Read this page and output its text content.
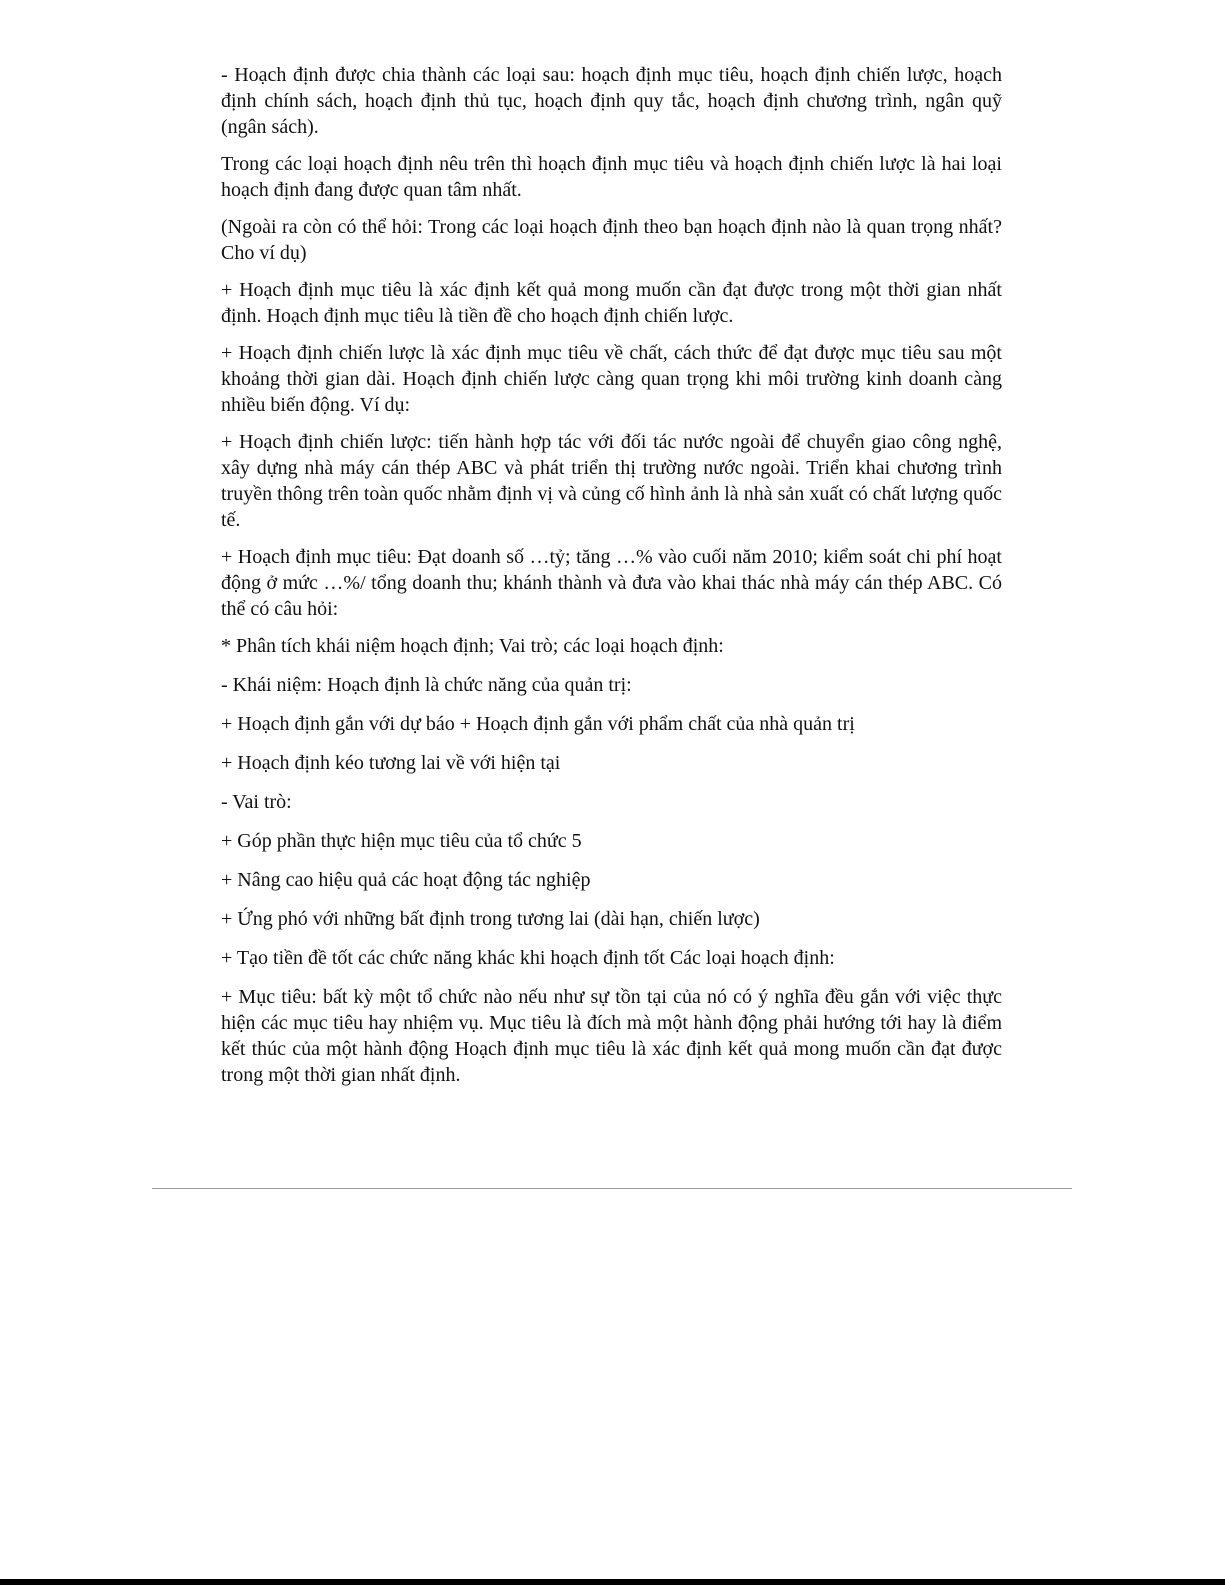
- Hoạch định được chia thành các loại sau: hoạch định mục tiêu, hoạch định chiến lược, hoạch định chính sách, hoạch định thủ tục, hoạch định quy tắc, hoạch định chương trình, ngân quỹ (ngân sách).

Trong các loại hoạch định nêu trên thì hoạch định mục tiêu và hoạch định chiến lược là hai loại hoạch định đang được quan tâm nhất.

(Ngoài ra còn có thể hỏi: Trong các loại hoạch định theo bạn hoạch định nào là quan trọng nhất? Cho ví dụ)

+ Hoạch định mục tiêu là xác định kết quả mong muốn cần đạt được trong một thời gian nhất định. Hoạch định mục tiêu là tiền đề cho hoạch định chiến lược.

+ Hoạch định chiến lược là xác định mục tiêu về chất, cách thức để đạt được mục tiêu sau một khoảng thời gian dài. Hoạch định chiến lược càng quan trọng khi môi trường kinh doanh càng nhiều biến động. Ví dụ:

+ Hoạch định chiến lược: tiến hành hợp tác với đối tác nước ngoài để chuyển giao công nghệ, xây dựng nhà máy cán thép ABC và phát triển thị trường nước ngoài. Triển khai chương trình truyền thông trên toàn quốc nhằm định vị và củng cố hình ảnh là nhà sản xuất có chất lượng quốc tế.

+ Hoạch định mục tiêu: Đạt doanh số …tỷ; tăng …% vào cuối năm 2010; kiểm soát chi phí hoạt động ở mức …%/ tổng doanh thu; khánh thành và đưa vào khai thác nhà máy cán thép ABC. Có thể có câu hỏi:

* Phân tích khái niệm hoạch định; Vai trò; các loại hoạch định:

- Khái niệm: Hoạch định là chức năng của quản trị:

+ Hoạch định gắn với dự báo + Hoạch định gắn với phẩm chất của nhà quản trị

+ Hoạch định kéo tương lai về với hiện tại

- Vai trò:

+ Góp phần thực hiện mục tiêu của tổ chức 5

+ Nâng cao hiệu quả các hoạt động tác nghiệp

+ Ứng phó với những bất định trong tương lai (dài hạn, chiến lược)

+ Tạo tiền đề tốt các chức năng khác khi hoạch định tốt Các loại hoạch định:

+ Mục tiêu: bất kỳ một tổ chức nào nếu như sự tồn tại của nó có ý nghĩa đều gắn với việc thực hiện các mục tiêu hay nhiệm vụ. Mục tiêu là đích mà một hành động phải hướng tới hay là điểm kết thúc của một hành động Hoạch định mục tiêu là xác định kết quả mong muốn cần đạt được trong một thời gian nhất định.
